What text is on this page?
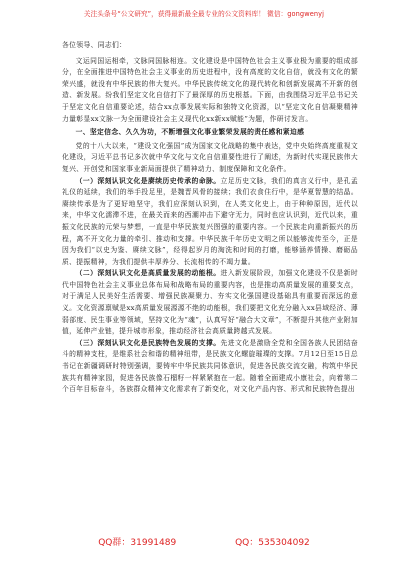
关注头条号“公文研究”，获得最新最全最专业的公文资料库！ 微信：gongwenyj

各位领导、同志们：

文运同国运相牵，文脉同国脉相连。文化建设是中国特色社会主义事业极为重要的组成部分，在全面推进中国特色社会主义事业的历史进程中，没有高度的文化自信，就没有文化的繁荣兴盛，就没有中华民族的伟大复兴。中华民族传统文化的现代转化和创新发展离不开新的创造、新发展。纷我们坚定文化自信打下了最深厚的历史根基。下面，由我围绕习近平总书记关于坚定文化自信重要论述，结合xx点事发展实际和独特文化资源，以“坚定文化自信凝聚精神力量彰显xx文脉一为全面建设社会主义现代化xx新xx赋能”为题，作研讨发言。

一、坚定信念、久久为功，不断增强文化事业繁荣发展的责任感和紧迫感

党的十八大以来，“建设文化强国”成为国家文化战略的集中表达，党中央始终高度重视文化建设，习近平总书记多次就中华文化与文化自信重要性进行了阐述，为新时代实现民族伟大复兴、开创党和国家事业新局面提供了精神动力、制度保障和文化条件。

（一）深刻认识文化是赓续历史传承的命脉。立足历史文脉，我们的真言义行中，是孔孟礼仪的延续，我们的举手投足里，是魏晋风骨的接续；我们衣食住行中，是华夏智慧的结晶。赓续传承是为了更好地坚守，我们应深刻认识到，在人类文化史上，由于种种原因，近代以来，中华文化濡滞不进，在最关而来的西潮冲击下避守无力，同时也应认识到，近代以来，重振文化民族的元荣与梦想，一直是中华民族复兴图强的重要内容。一个民族走向重新振兴的历程，离不开文化力量的牵引、推动和支撑。中华民族千年历史文明之所以能够流传至今，正是因为我们“以史为鉴、赓续文脉”，经得起岁月的淘洗和时间的打磨，能够涵养情操、磨砺品质、提振精神，为我们提供丰厚养分、长流相传的不竭力量。

（二）深刻认识文化是高质量发展的动能根。进入新发展阶段，加强文化建设不仅是新时代中国特色社会主义事业总体布局和战略布局的重要内容，也是推动高质量发展的重要支点，对于满足人民美好生活需要、增强民族凝聚力、夯实文化强国建设基础具有重要而深远的意义。文化资源禀赋是xx高质量发展源源不绝的动能根，我们要把文化充分融入xx县域经济、薄弱部度、民生事业等领域，坚持文化为“魂”，认真写好“融合大文章”，不断提升其他产业附加值，延伸产业链，提升城市形象，推动经济社会高质量跨越式发展。

（三）深刻认识文化是民族特色发展的支撑。先进文化是激励全党和全国各族人民团结奋斗的精神支柱，是维系社会和谐的精神纽带，是民族文化螺旋璀璨的支撑。7月12日至15日总书记在新疆调研时特别强调，要铸牢中华民族共同体意识，促进各民族交流交融，构筑中华民族共有精神家园，促进各民族像石榴籽一样紧紧抱在一起。随着全面建成小康社会，向着第二个百年目标奋斗，各族群众精神文化需求有了新变化，对文化产品内容、形式和民族特色提出

QQ群：31991489	QQ：535304092
